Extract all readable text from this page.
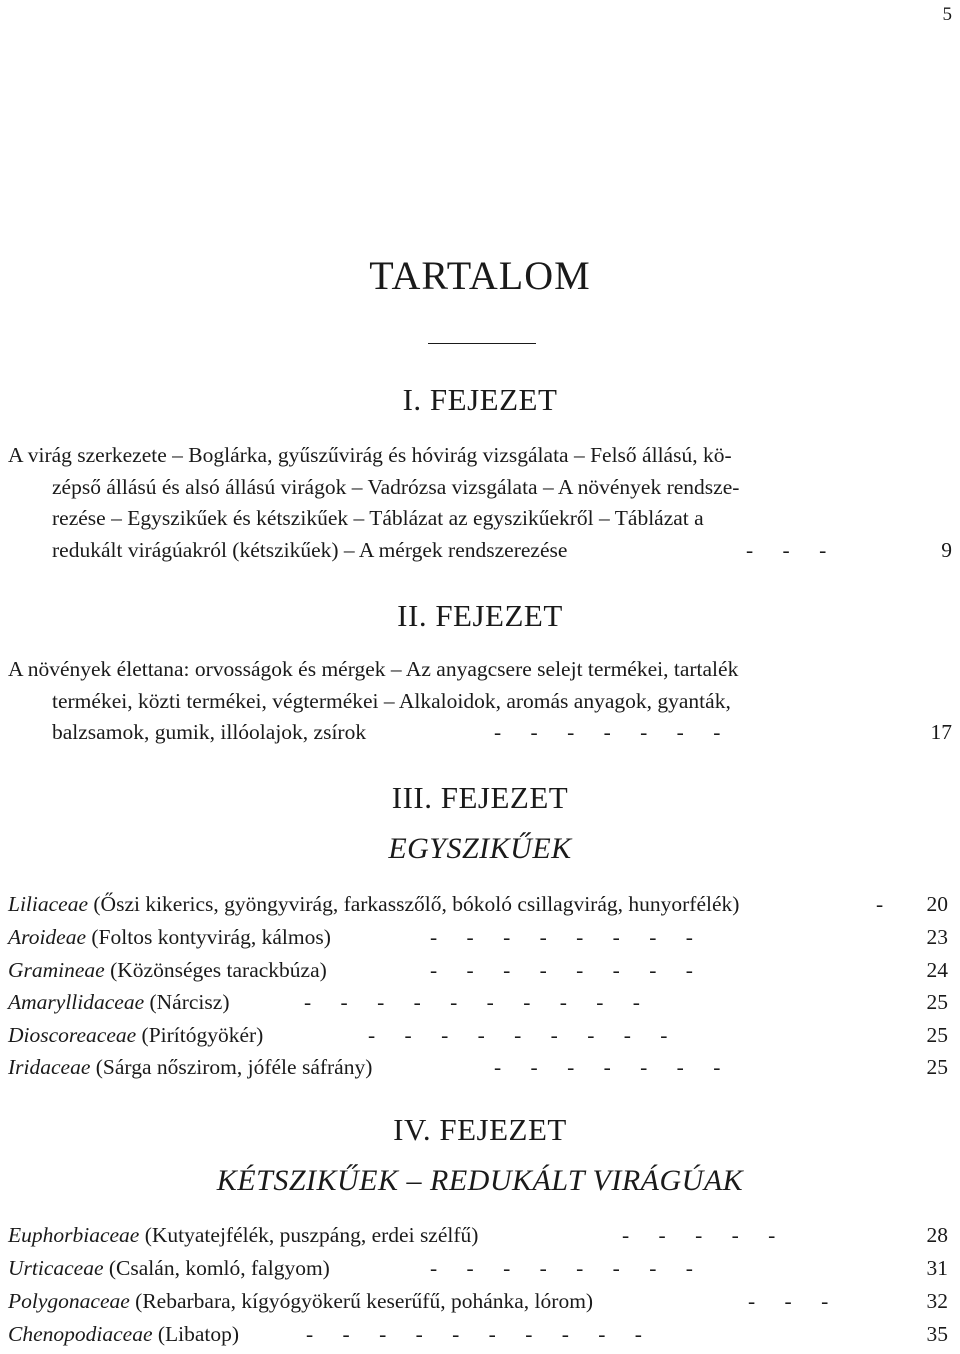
5
TARTALOM
I. FEJEZET
A virág szerkezete – Boglárka, gyűszűvirág és hóvirág vizsgálata – Felső állású, kö-
zépső állású és alsó állású virágok – Vadrózsa vizsgálata – A növények rendsze-
rezése – Egyszikűek és kétszikűek – Táblázat az egyszikűekről – Táblázat a
redukált virágúakról (kétszikűek) – A mérgek rendszerezése	- - -	9
II. FEJEZET
A növények élettana: orvosságok és mérgek – Az anyagcsere selejt termékei, tartalék
termékei, közti termékei, végtermékei – Alkaloidok, aromás anyagok, gyanták,
balzsamok, gumik, illóolajok, zsírok	- - - - - - -	17
III. FEJEZET
EGYSZIKŰEK
Liliaceae (Őszi kikerics, gyöngyvirág, farkasszőlő, bókoló csillagvirág, hunyorfélék)	- 20
Aroideae (Foltos kontyvirág, kálmos)	- - - - - - - -	23
Gramineae (Közönséges tarackbúza)	- - - - - - - -	24
Amaryllidaceae (Nárcisz)	- - - - - - - - - -	25
Dioscoreaceae (Pirítógyökér)	- - - - - - - - -	25
Iridaceae (Sárga nőszirom, jóféle sáfrány)	- - - - - - -	25
IV. FEJEZET
KÉTSZIKŰEK – REDUKÁLT VIRÁGÚAK
Euphorbiaceae (Kutyatejfélék, puszpáng, erdei szélfű)	- - - - -	28
Urticaceae (Csalán, komló, falgyom)	- - - - - - - -	31
Polygonaceae (Rebarbara, kígyógyökerű keserűfű, pohánka, lórom)	- - -	32
Chenopodiaceae (Libatop)	- - - - - - - - - -	35
